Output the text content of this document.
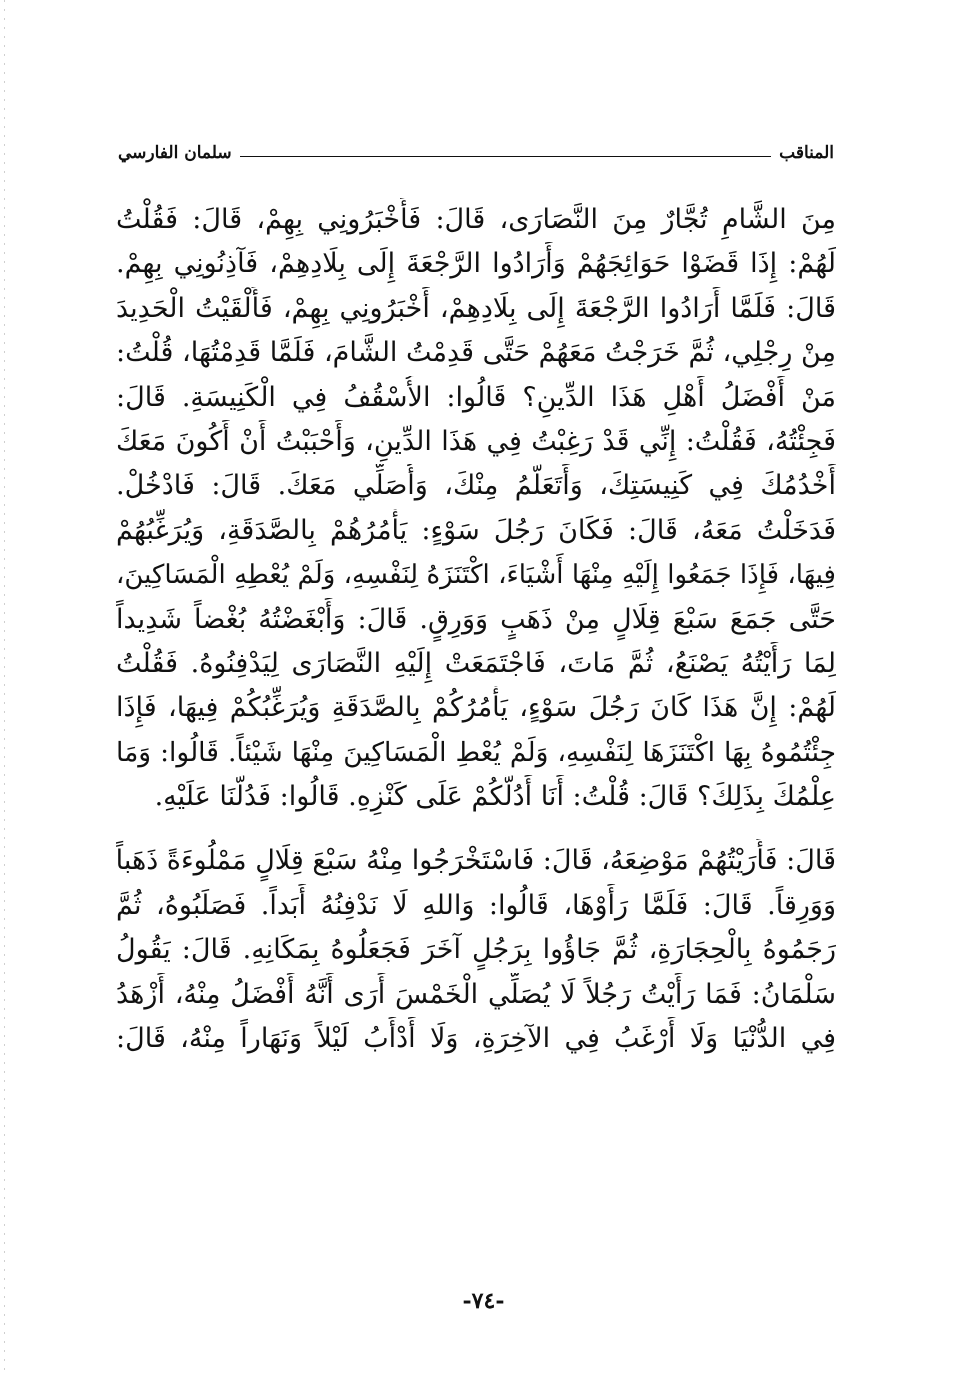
المناقب
سلمان الفارسي

مِنَ الشَّامِ تُجَّارٌ مِنَ النَّصَارَى، قَالَ: فَأَخْبَرُونِي بِهِمْ، قَالَ: فَقُلْتُ
لَهُمْ: إِذَا قَضَوْا حَوَائِجَهُمْ وَأَرَادُوا الرَّجْعَةَ إِلَى بِلَادِهِمْ، فَآذِنُونِي بِهِمْ.
قَالَ: فَلَمَّا أَرَادُوا الرَّجْعَةَ إِلَى بِلَادِهِمْ، أَخْبَرُونِي بِهِمْ، فَأَلْقَيْتُ الْحَدِيدَ
مِنْ رِجْلِي، ثُمَّ خَرَجْتُ مَعَهُمْ حَتَّى قَدِمْتُ الشَّامَ، فَلَمَّا قَدِمْتُهَا، قُلْتُ:
مَنْ أَفْضَلُ أَهْلِ هَذَا الدِّينِ؟ قَالُوا: الأُسْقُفُ فِي الْكَنِيسَةِ. قَالَ:
فَجِئْتُهُ، فَقُلْتُ: إِنِّي قَدْ رَغِبْتُ فِي هَذَا الدِّينِ، وَأَحْبَبْتُ أَنْ أَكُونَ مَعَكَ
أَخْدُمُكَ فِي كَنِيسَتِكَ، وَأَتَعَلَّمُ مِنْكَ، وَأُصَلِّي مَعَكَ. قَالَ: فَادْخُلْ.
فَدَخَلْتُ مَعَهُ، قَالَ: فَكَانَ رَجُلَ سَوْءٍ: يَأْمُرُهُمْ بِالصَّدَقَةِ، وَيُرَغِّبُهُمْ
فِيهَا، فَإِذَا جَمَعُوا إِلَيْهِ مِنْهَا أَشْيَاءَ، اكْتَنَزَهُ لِنَفْسِهِ، وَلَمْ يُعْطِهِ الْمَسَاكِينَ،
حَتَّى جَمَعَ سَبْعَ قِلَالٍ مِنْ ذَهَبٍ وَوَرِقٍ. قَالَ: وَأَبْغَضْتُهُ بُغْضاً شَدِيداً
لِمَا رَأَيْتُهُ يَصْنَعُ، ثُمَّ مَاتَ، فَاجْتَمَعَتْ إِلَيْهِ النَّصَارَى لِيَدْفِنُوهُ. فَقُلْتُ
لَهُمْ: إِنَّ هَذَا كَانَ رَجُلَ سَوْءٍ، يَأْمُرُكُمْ بِالصَّدَقَةِ وَيُرَغِّبُكُمْ فِيهَا، فَإِذَا
جِئْتُمُوهُ بِهَا اكْتَنَزَهَا لِنَفْسِهِ، وَلَمْ يُعْطِ الْمَسَاكِينَ مِنْهَا شَيْئاً. قَالُوا: وَمَا
عِلْمُكَ بِذَلِكَ؟ قَالَ: قُلْتُ: أَنَا أَدُلُّكُمْ عَلَى كَنْزِهِ. قَالُوا: فَدُلَّنَا عَلَيْهِ.

قَالَ: فَأَرَيْتُهُمْ مَوْضِعَهُ، قَالَ: فَاسْتَخْرَجُوا مِنْهُ سَبْعَ قِلَالٍ مَمْلُوءَةً ذَهَباً
وَوَرِقاً. قَالَ: فَلَمَّا رَأَوْهَا، قَالُوا: وَاللهِ لَا نَدْفِنُهُ أَبَداً. فَصَلَبُوهُ، ثُمَّ
رَجَمُوهُ بِالْحِجَارَةِ، ثُمَّ جَاؤُوا بِرَجُلٍ آخَرَ فَجَعَلُوهُ بِمَكَانِهِ. قَالَ: يَقُولُ
سَلْمَانُ: فَمَا رَأَيْتُ رَجُلاً لَا يُصَلِّي الْخَمْسَ أَرَى أَنَّهُ أَفْضَلُ مِنْهُ، أَزْهَدُ
فِي الدُّنْيَا وَلَا أَرْغَبُ فِي الآخِرَةِ، وَلَا أَدْأَبُ لَيْلاً وَنَهَاراً مِنْهُ، قَالَ:

-٧٤-
